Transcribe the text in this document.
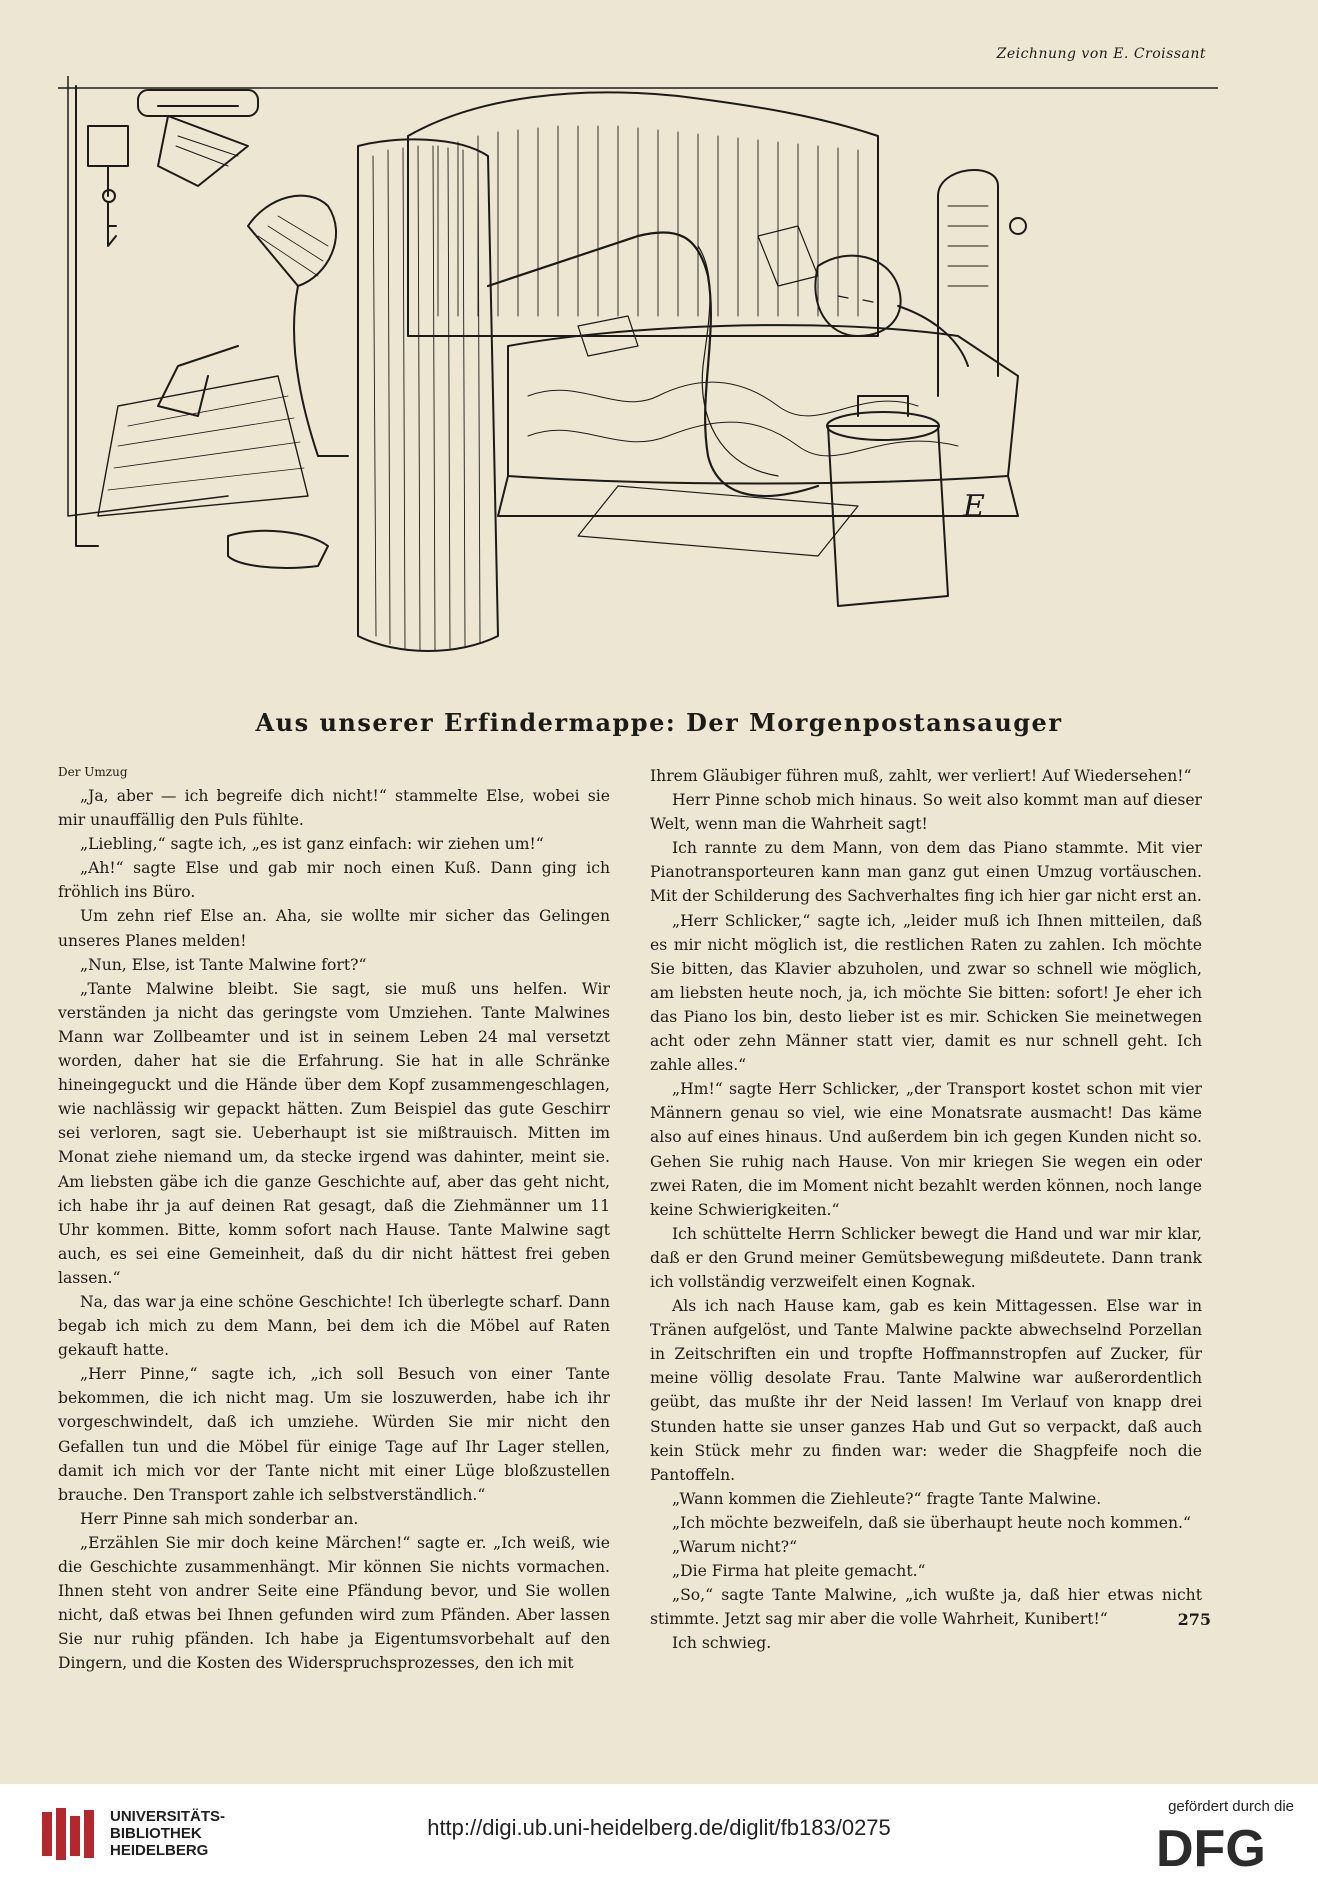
Zeichnung von E. Croissant
E
Aus unserer Erfindermappe: Der Morgenpostansauger
Der Umzug

„Ja, aber — ich begreife dich nicht!“ stammelte Else, wobei sie mir unauffällig den Puls fühlte.

„Liebling,“ sagte ich, „es ist ganz einfach: wir ziehen um!“

„Ah!“ sagte Else und gab mir noch einen Kuß. Dann ging ich fröhlich ins Büro.

Um zehn rief Else an. Aha, sie wollte mir sicher das Gelingen unseres Planes melden!

„Nun, Else, ist Tante Malwine fort?“

„Tante Malwine bleibt. Sie sagt, sie muß uns helfen. Wir verständen ja nicht das geringste vom Umziehen. Tante Malwines Mann war Zollbeamter und ist in seinem Leben 24 mal versetzt worden, daher hat sie die Erfahrung. Sie hat in alle Schränke hineingeguckt und die Hände über dem Kopf zusammengeschlagen, wie nachlässig wir gepackt hätten. Zum Beispiel das gute Geschirr sei verloren, sagt sie. Ueberhaupt ist sie mißtrauisch. Mitten im Monat ziehe niemand um, da stecke irgend was dahinter, meint sie. Am liebsten gäbe ich die ganze Geschichte auf, aber das geht nicht, ich habe ihr ja auf deinen Rat gesagt, daß die Ziehmänner um 11 Uhr kommen. Bitte, komm sofort nach Hause. Tante Malwine sagt auch, es sei eine Gemeinheit, daß du dir nicht hättest frei geben lassen.“

Na, das war ja eine schöne Geschichte! Ich überlegte scharf. Dann begab ich mich zu dem Mann, bei dem ich die Möbel auf Raten gekauft hatte.

„Herr Pinne,“ sagte ich, „ich soll Besuch von einer Tante bekommen, die ich nicht mag. Um sie loszuwerden, habe ich ihr vorgeschwindelt, daß ich umziehe. Würden Sie mir nicht den Gefallen tun und die Möbel für einige Tage auf Ihr Lager stellen, damit ich mich vor der Tante nicht mit einer Lüge bloßzustellen brauche. Den Transport zahle ich selbstverständlich.“

Herr Pinne sah mich sonderbar an.

„Erzählen Sie mir doch keine Märchen!“ sagte er. „Ich weiß, wie die Geschichte zusammenhängt. Mir können Sie nichts vormachen. Ihnen steht von andrer Seite eine Pfändung bevor, und Sie wollen nicht, daß etwas bei Ihnen gefunden wird zum Pfänden. Aber lassen Sie nur ruhig pfänden. Ich habe ja Eigentumsvorbehalt auf den Dingern, und die Kosten des Widerspruchsprozesses, den ich mit

Ihrem Gläubiger führen muß, zahlt, wer verliert! Auf Wiedersehen!“

Herr Pinne schob mich hinaus. So weit also kommt man auf dieser Welt, wenn man die Wahrheit sagt!

Ich rannte zu dem Mann, von dem das Piano stammte. Mit vier Pianotransporteuren kann man ganz gut einen Umzug vortäuschen. Mit der Schilderung des Sachverhaltes fing ich hier gar nicht erst an.

„Herr Schlicker,“ sagte ich, „leider muß ich Ihnen mitteilen, daß es mir nicht möglich ist, die restlichen Raten zu zahlen. Ich möchte Sie bitten, das Klavier abzuholen, und zwar so schnell wie möglich, am liebsten heute noch, ja, ich möchte Sie bitten: sofort! Je eher ich das Piano los bin, desto lieber ist es mir. Schicken Sie meinetwegen acht oder zehn Männer statt vier, damit es nur schnell geht. Ich zahle alles.“

„Hm!“ sagte Herr Schlicker, „der Transport kostet schon mit vier Männern genau so viel, wie eine Monatsrate ausmacht! Das käme also auf eines hinaus. Und außerdem bin ich gegen Kunden nicht so. Gehen Sie ruhig nach Hause. Von mir kriegen Sie wegen ein oder zwei Raten, die im Moment nicht bezahlt werden können, noch lange keine Schwierigkeiten.“

Ich schüttelte Herrn Schlicker bewegt die Hand und war mir klar, daß er den Grund meiner Gemütsbewegung mißdeutete. Dann trank ich vollständig verzweifelt einen Kognak.

Als ich nach Hause kam, gab es kein Mittagessen. Else war in Tränen aufgelöst, und Tante Malwine packte abwechselnd Porzellan in Zeitschriften ein und tropfte Hoffmannstropfen auf Zucker, für meine völlig desolate Frau. Tante Malwine war außerordentlich geübt, das mußte ihr der Neid lassen! Im Verlauf von knapp drei Stunden hatte sie unser ganzes Hab und Gut so verpackt, daß auch kein Stück mehr zu finden war: weder die Shagpfeife noch die Pantoffeln.

„Wann kommen die Ziehleute?“ fragte Tante Malwine.

„Ich möchte bezweifeln, daß sie überhaupt heute noch kommen.“

„Warum nicht?“

„Die Firma hat pleite gemacht.“

„So,“ sagte Tante Malwine, „ich wußte ja, daß hier etwas nicht stimmte. Jetzt sag mir aber die volle Wahrheit, Kunibert!“

Ich schwieg.

275
UNIVERSITÄTS-
BIBLIOTHEK
HEIDELBERG
http://digi.ub.uni-heidelberg.de/diglit/fb183/0275
gefördert durch die
DFG
